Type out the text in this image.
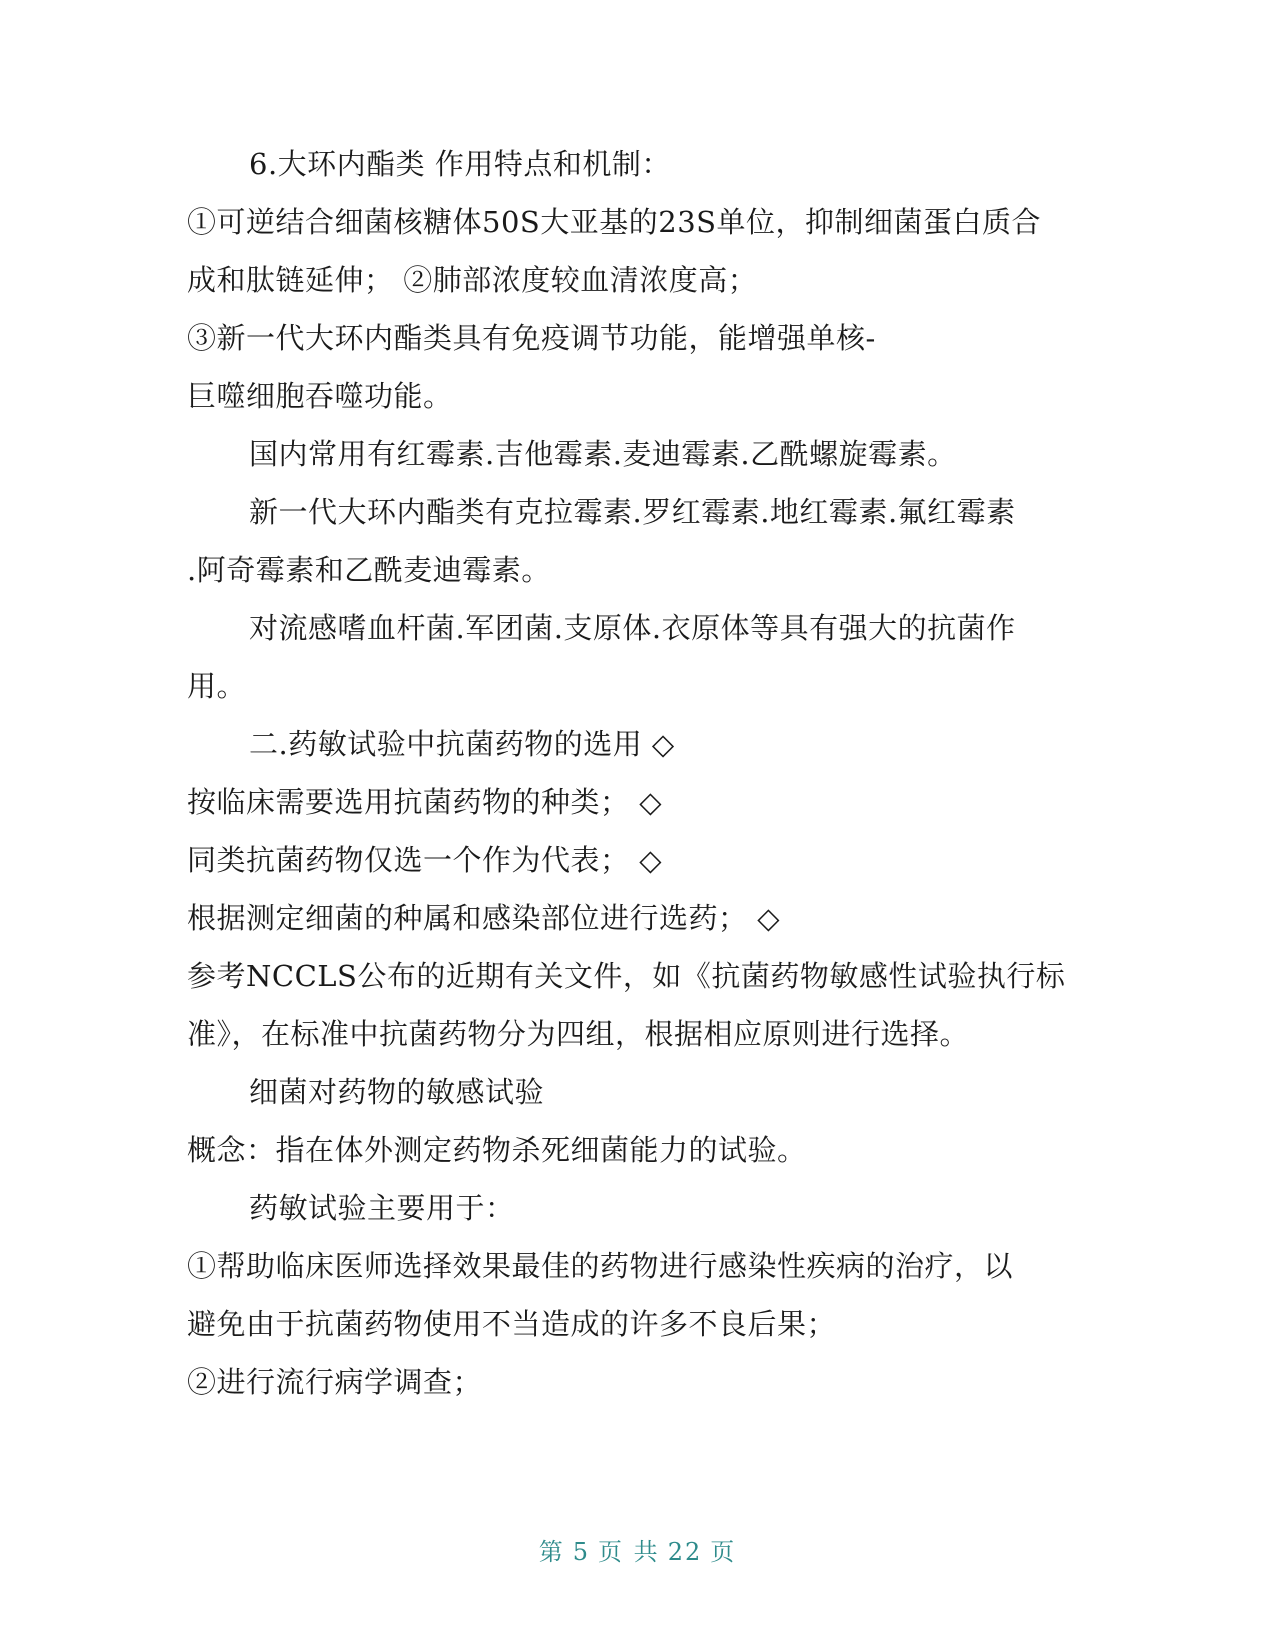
6.大环内酯类 作用特点和机制：
①可逆结合细菌核糖体50S大亚基的23S单位，抑制细菌蛋白质合
成和肽链延伸； ②肺部浓度较血清浓度高；
③新一代大环内酯类具有免疫调节功能，能增强单核-
巨噬细胞吞噬功能。
国内常用有红霉素.吉他霉素.麦迪霉素.乙酰螺旋霉素。
新一代大环内酯类有克拉霉素.罗红霉素.地红霉素.氟红霉素
.阿奇霉素和乙酰麦迪霉素。
对流感嗜血杆菌.军团菌.支原体.衣原体等具有强大的抗菌作
用。
二.药敏试验中抗菌药物的选用 ◇
按临床需要选用抗菌药物的种类； ◇
同类抗菌药物仅选一个作为代表； ◇
根据测定细菌的种属和感染部位进行选药； ◇
参考NCCLS公布的近期有关文件，如《抗菌药物敏感性试验执行标
准》，在标准中抗菌药物分为四组，根据相应原则进行选择。
细菌对药物的敏感试验
概念：指在体外测定药物杀死细菌能力的试验。
药敏试验主要用于：
①帮助临床医师选择效果最佳的药物进行感染性疾病的治疗，以
避免由于抗菌药物使用不当造成的许多不良后果；
②进行流行病学调查；
第 5 页 共 22 页
